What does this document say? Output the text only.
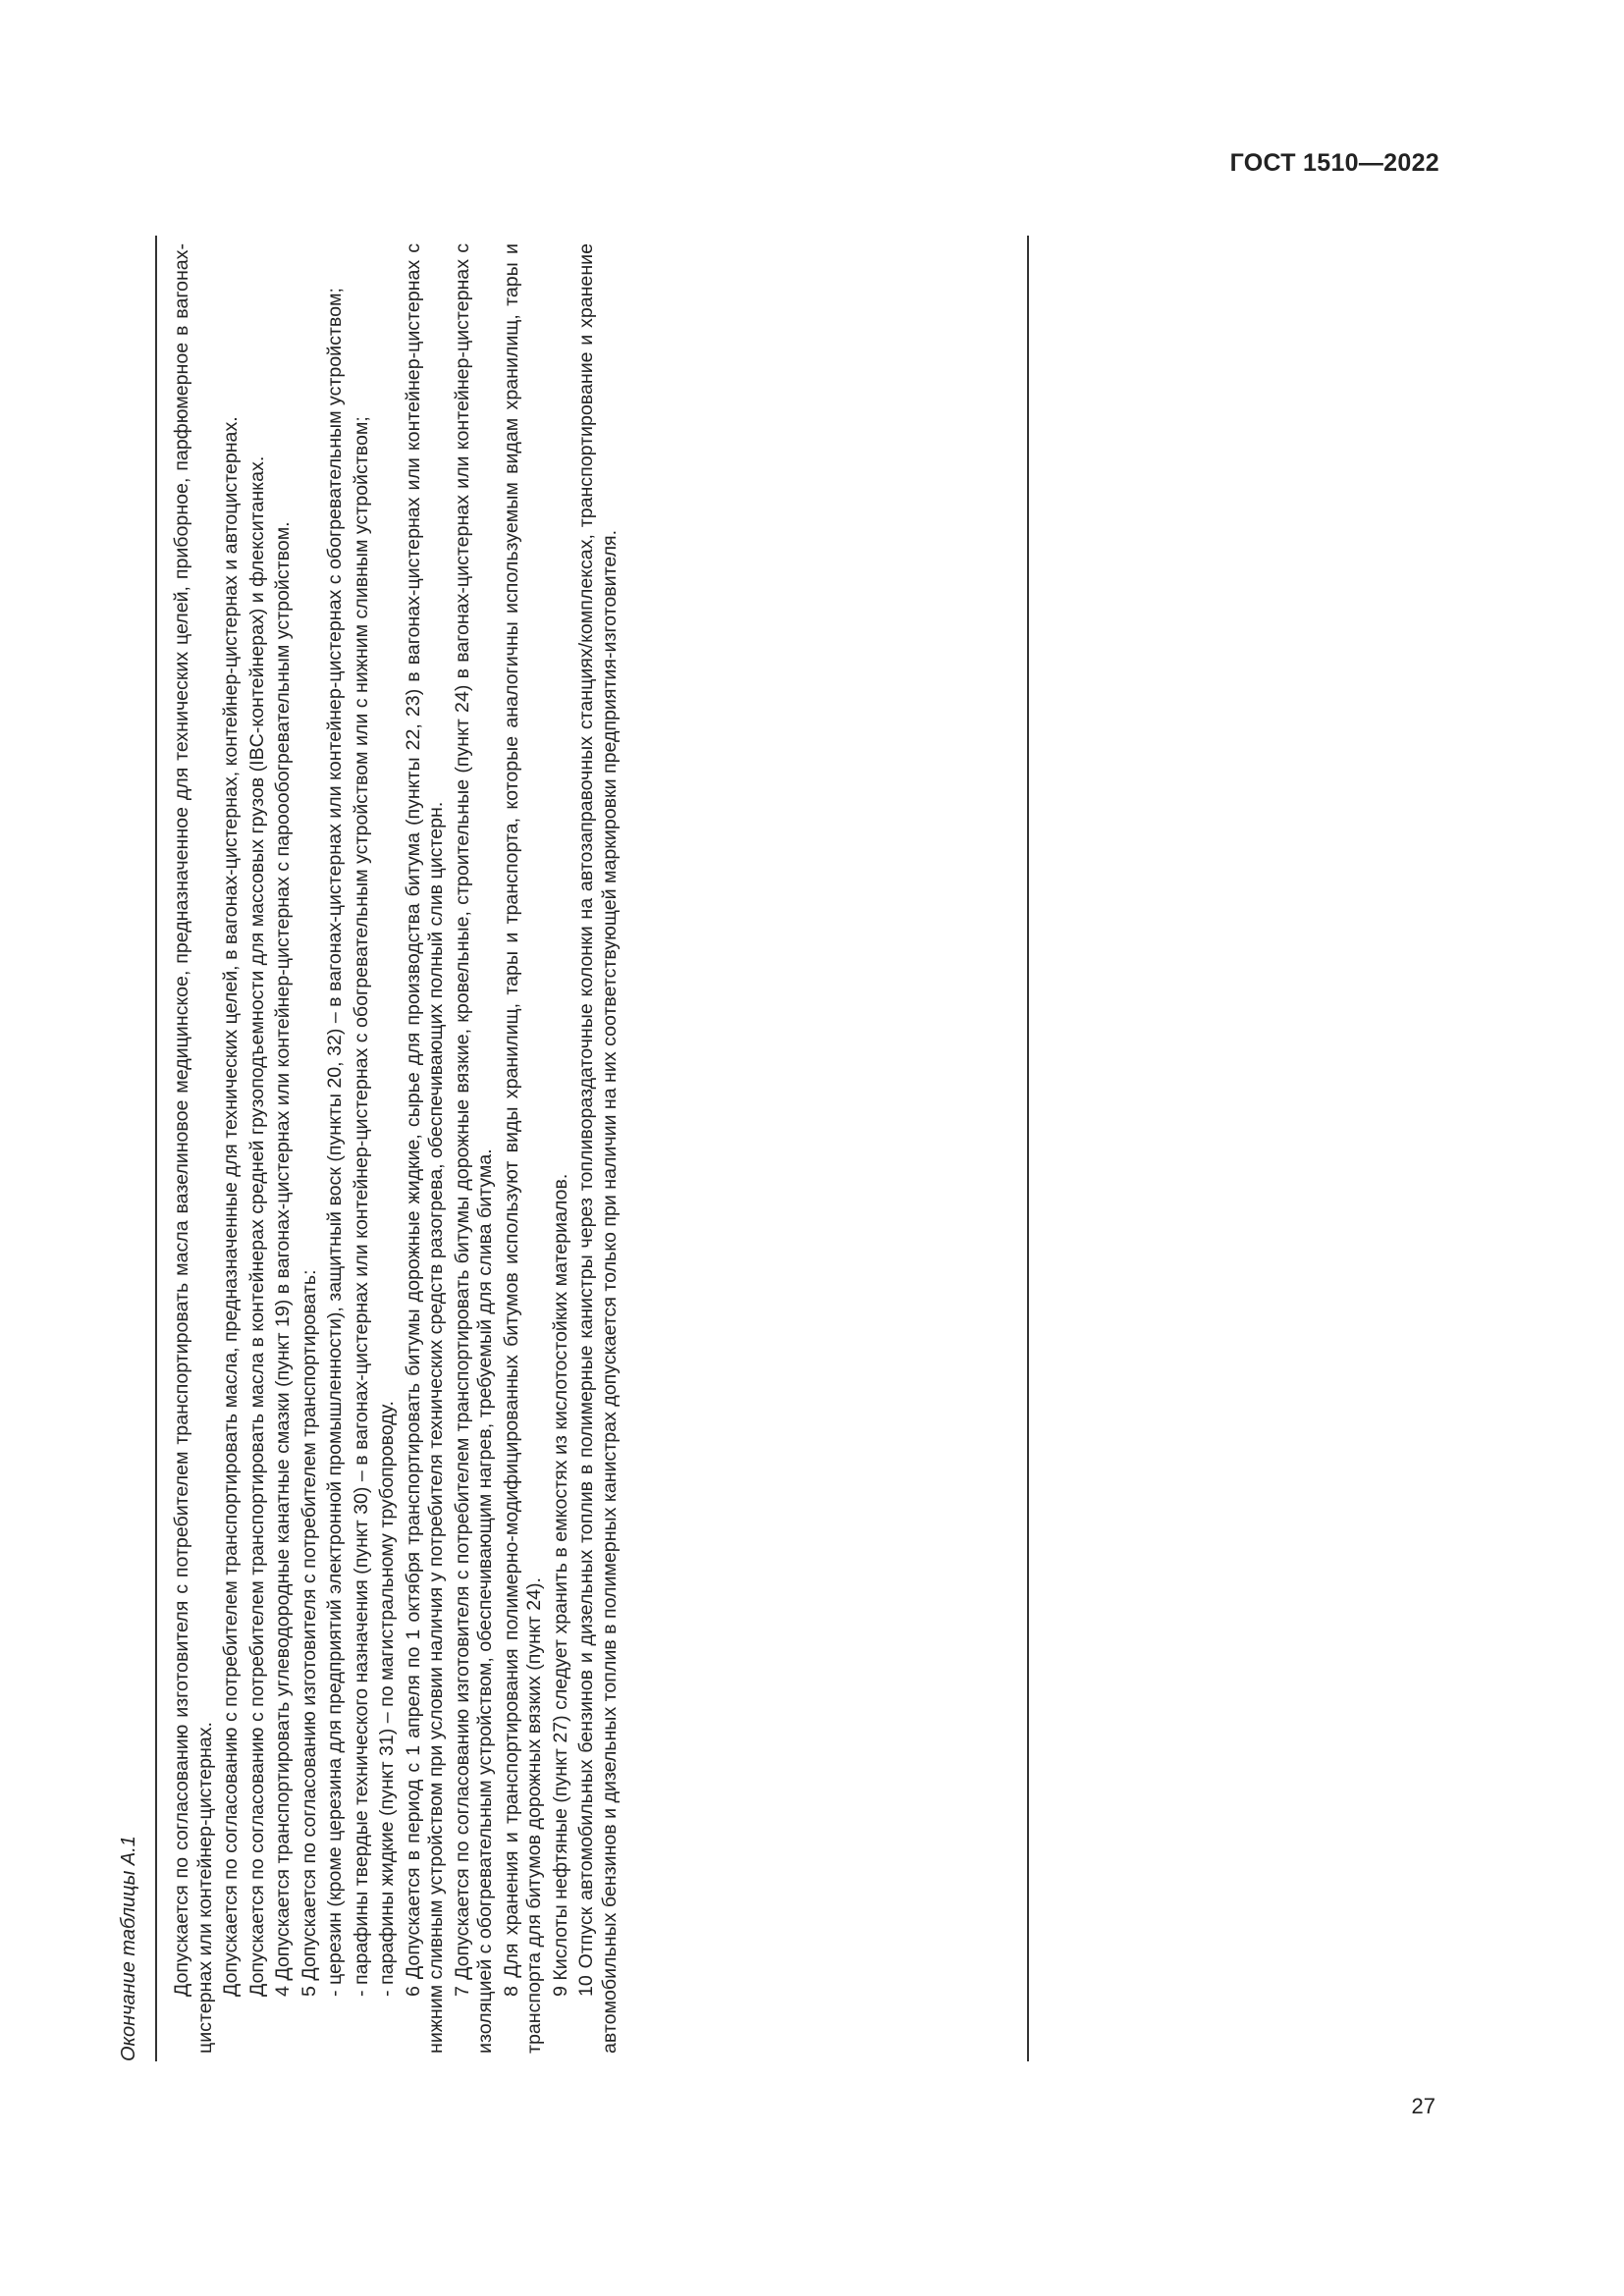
ГОСТ 1510—2022
Окончание таблицы А.1 Допускается по согласованию изготовителя с потребителем транспортировать масла вазелиновое медицинское, предназначенное для технических целей, приборное, парфюмерное в вагонах-цистернах или контейнер-цистернах. Допускается по согласованию с потребителем транспортировать масла, предназначенные для технических целей, в вагонах-цистернах, контейнер-цистернах и автоцистернах. Допускается по согласованию с потребителем транспортировать масла в контейнерах средней грузоподъемности для массовых грузов (IBC-контейнерах) и флекситанках. 4 Допускается транспортировать углеводородные канатные смазки (пункт 19) в вагонах-цистернах или контейнер-цистернах с пароообогревательным устройством. 5 Допускается по согласованию изготовителя с потребителем транспортировать: - церезин (кроме церезина для предприятий электронной промышленности), защитный воск (пункты 20, 32) – в вагонах-цистернах или контейнер-цистернах с обогревательным устройством; - парафины твердые технического назначения (пункт 30) – в вагонах-цистернах или контейнер-цистернах с обогревательным устройством или с нижним сливным устройством; - парафины жидкие (пункт 31) – по магистральному трубопроводу. 6 Допускается в период с 1 апреля по 1 октября транспортировать битумы дорожные жидкие, сырье для производства битума (пункты 22, 23) в вагонах-цистернах или контейнер-цистернах с нижним сливным устройством при условии наличия у потребителя технических средств разогрева, обеспечивающих полный слив цистерн. 7 Допускается по согласованию изготовителя с потребителем транспортировать битумы дорожные вязкие, кровельные, строительные (пункт 24) в вагонах-цистернах или контейнер-цистернах с изоляцией с обогревательным устройством, обеспечивающим нагрев, требуемый для слива битума. 8 Для хранения и транспортирования полимерно-модифицированных битумов используют виды хранилищ, тары и транспорта, которые аналогичны используемым видам хранилищ, тары и транспорта для битумов дорожных вязких (пункт 24). 9 Кислоты нефтяные (пункт 27) следует хранить в емкостях из кислотостойких материалов. 10 Отпуск автомобильных бензинов и дизельных топлив в полимерные канистры через топливораздаточные колонки на автозаправочных станциях/комплексах, транспортирование и хранение автомобильных бензинов и дизельных топлив в полимерных канистрах допускается только при наличии на них соответствующей маркировки предприятия-изготовителя.

27
